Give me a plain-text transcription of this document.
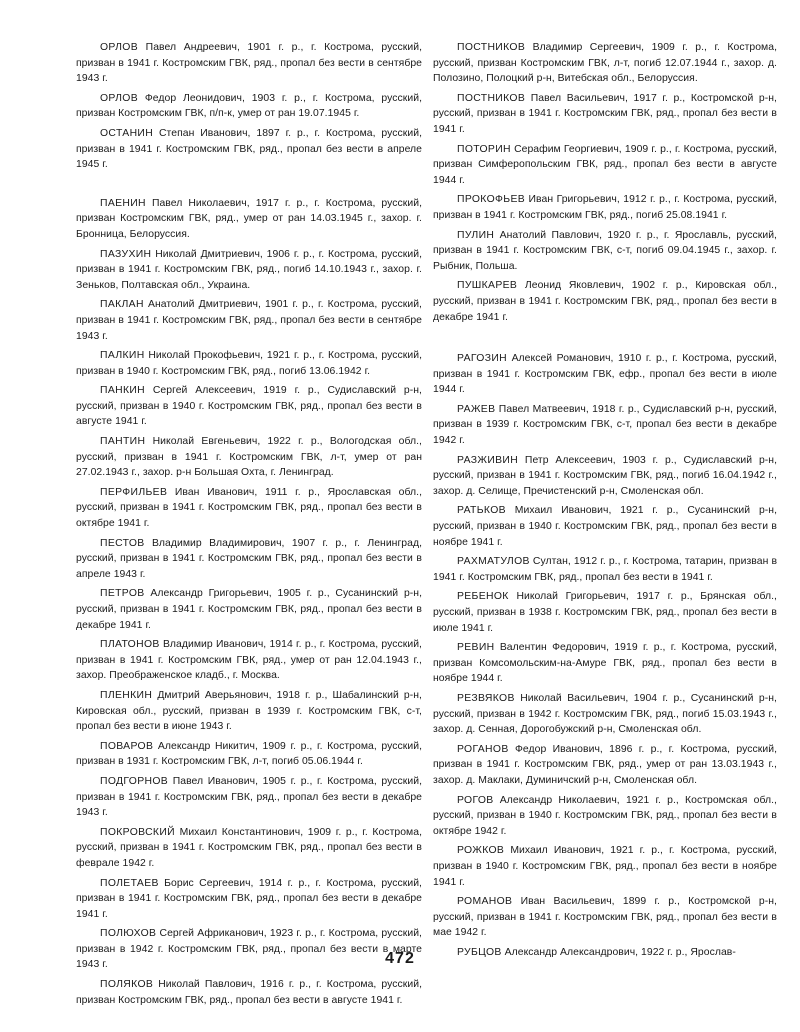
ОРЛОВ Павел Андреевич, 1901 г. р., г. Кострома, русский, призван в 1941 г. Костромским ГВК, ряд., пропал без вести в сентябре 1943 г.

ОРЛОВ Федор Леонидович, 1903 г. р., г. Кострома, русский, призван Костромским ГВК, п/п-к, умер от ран 19.07.1945 г.

ОСТАНИН Степан Иванович, 1897 г. р., г. Кострома, русский, призван в 1941 г. Костромским ГВК, ряд., пропал без вести в апреле 1945 г.

ПАЕНИН Павел Николаевич, 1917 г. р., г. Кострома, русский, призван Костромским ГВК, ряд., умер от ран 14.03.1945 г., захор. г. Бронница, Белоруссия.

ПАЗУХИН Николай Дмитриевич, 1906 г. р., г. Кострома, русский, призван в 1941 г. Костромским ГВК, ряд., погиб 14.10.1943 г., захор. г. Зеньков, Полтавская обл., Украина.

ПАКЛАН Анатолий Дмитриевич, 1901 г. р., г. Кострома, русский, призван в 1941 г. Костромским ГВК, ряд., пропал без вести в сентябре 1943 г.

ПАЛКИН Николай Прокофьевич, 1921 г. р., г. Кострома, русский, призван в 1940 г. Костромским ГВК, ряд., погиб 13.06.1942 г.

ПАНКИН Сергей Алексеевич, 1919 г. р., Судиславский р-н, русский, призван в 1940 г. Костромским ГВК, ряд., пропал без вести в августе 1941 г.

ПАНТИН Николай Евгеньевич, 1922 г. р., Вологодская обл., русский, призван в 1941 г. Костромским ГВК, л-т, умер от ран 27.02.1943 г., захор. р-н Большая Охта, г. Ленинград.

ПЕРФИЛЬЕВ Иван Иванович, 1911 г. р., Ярославская обл., русский, призван в 1941 г. Костромским ГВК, ряд., пропал без вести в октябре 1941 г.

ПЕСТОВ Владимир Владимирович, 1907 г. р., г. Ленинград, русский, призван в 1941 г. Костромским ГВК, ряд., пропал без вести в апреле 1943 г.

ПЕТРОВ Александр Григорьевич, 1905 г. р., Сусанинский р-н, русский, призван в 1941 г. Костромским ГВК, ряд., пропал без вести в декабре 1941 г.

ПЛАТОНОВ Владимир Иванович, 1914 г. р., г. Кострома, русский, призван в 1941 г. Костромским ГВК, ряд., умер от ран 12.04.1943 г., захор. Преображенское кладб., г. Москва.

ПЛЕНКИН Дмитрий Аверьянович, 1918 г. р., Шабалинский р-н, Кировская обл., русский, призван в 1939 г. Костромским ГВК, с-т, пропал без вести в июне 1943 г.

ПОВАРОВ Александр Никитич, 1909 г. р., г. Кострома, русский, призван в 1931 г. Костромским ГВК, л-т, погиб 05.06.1944 г.

ПОДГОРНОВ Павел Иванович, 1905 г. р., г. Кострома, русский, призван в 1941 г. Костромским ГВК, ряд., пропал без вести в декабре 1943 г.

ПОКРОВСКИЙ Михаил Константинович, 1909 г. р., г. Кострома, русский, призван в 1941 г. Костромским ГВК, ряд., пропал без вести в феврале 1942 г.

ПОЛЕТАЕВ Борис Сергеевич, 1914 г. р., г. Кострома, русский, призван в 1941 г. Костромским ГВК, ряд., пропал без вести в декабре 1941 г.

ПОЛЮХОВ Сергей Африканович, 1923 г. р., г. Кострома, русский, призван в 1942 г. Костромским ГВК, ряд., пропал без вести в марте 1943 г.

ПОЛЯКОВ Николай Павлович, 1916 г. р., г. Кострома, русский, призван Костромским ГВК, ряд., пропал без вести в августе 1941 г.

ПОСТНИКОВ Владимир Сергеевич, 1909 г. р., г. Кострома, русский, призван Костромским ГВК, л-т, погиб 12.07.1944 г., захор. д. Полозино, Полоцкий р-н, Витебская обл., Белоруссия.

ПОСТНИКОВ Павел Васильевич, 1917 г. р., Костромской р-н, русский, призван в 1941 г. Костромским ГВК, ряд., пропал без вести в 1941 г.

ПОТОРИН Серафим Георгиевич, 1909 г. р., г. Кострома, русский, призван Симферопольским ГВК, ряд., пропал без вести в августе 1944 г.

ПРОКОФЬЕВ Иван Григорьевич, 1912 г. р., г. Кострома, русский, призван в 1941 г. Костромским ГВК, ряд., погиб 25.08.1941 г.

ПУЛИН Анатолий Павлович, 1920 г. р., г. Ярославль, русский, призван в 1941 г. Костромским ГВК, с-т, погиб 09.04.1945 г., захор. г. Рыбник, Польша.

ПУШКАРЕВ Леонид Яковлевич, 1902 г. р., Кировская обл., русский, призван в 1941 г. Костромским ГВК, ряд., пропал без вести в декабре 1941 г.

РАГОЗИН Алексей Романович, 1910 г. р., г. Кострома, русский, призван в 1941 г. Костромским ГВК, ефр., пропал без вести в июле 1944 г.

РАЖЕВ Павел Матвеевич, 1918 г. р., Судиславский р-н, русский, призван в 1939 г. Костромским ГВК, с-т, пропал без вести в декабре 1942 г.

РАЗЖИВИН Петр Алексеевич, 1903 г. р., Судиславский р-н, русский, призван в 1941 г. Костромским ГВК, ряд., погиб 16.04.1942 г., захор. д. Селище, Пречистенский р-н, Смоленская обл.

РАТЬКОВ Михаил Иванович, 1921 г. р., Сусанинский р-н, русский, призван в 1940 г. Костромским ГВК, ряд., пропал без вести в ноябре 1941 г.

РАХМАТУЛОВ Султан, 1912 г. р., г. Кострома, татарин, призван в 1941 г. Костромским ГВК, ряд., пропал без вести в 1941 г.

РЕБЕНОК Николай Григорьевич, 1917 г. р., Брянская обл., русский, призван в 1938 г. Костромским ГВК, ряд., пропал без вести в июле 1941 г.

РЕВИН Валентин Федорович, 1919 г. р., г. Кострома, русский, призван Комсомольским-на-Амуре ГВК, ряд., пропал без вести в ноябре 1944 г.

РЕЗВЯКОВ Николай Васильевич, 1904 г. р., Сусанинский р-н, русский, призван в 1942 г. Костромским ГВК, ряд., погиб 15.03.1943 г., захор. д. Сенная, Дорогобужский р-н, Смоленская обл.

РОГАНОВ Федор Иванович, 1896 г. р., г. Кострома, русский, призван в 1941 г. Костромским ГВК, ряд., умер от ран 13.03.1943 г., захор. д. Маклаки, Думиничский р-н, Смоленская обл.

РОГОВ Александр Николаевич, 1921 г. р., Костромская обл., русский, призван в 1940 г. Костромским ГВК, ряд., пропал без вести в октябре 1942 г.

РОЖКОВ Михаил Иванович, 1921 г. р., г. Кострома, русский, призван в 1940 г. Костромским ГВК, ряд., пропал без вести в ноябре 1941 г.

РОМАНОВ Иван Васильевич, 1899 г. р., Костромской р-н, русский, призван в 1941 г. Костромским ГВК, ряд., пропал без вести в мае 1942 г.

РУБЦОВ Александр Александрович, 1922 г. р., Ярослав-

472
